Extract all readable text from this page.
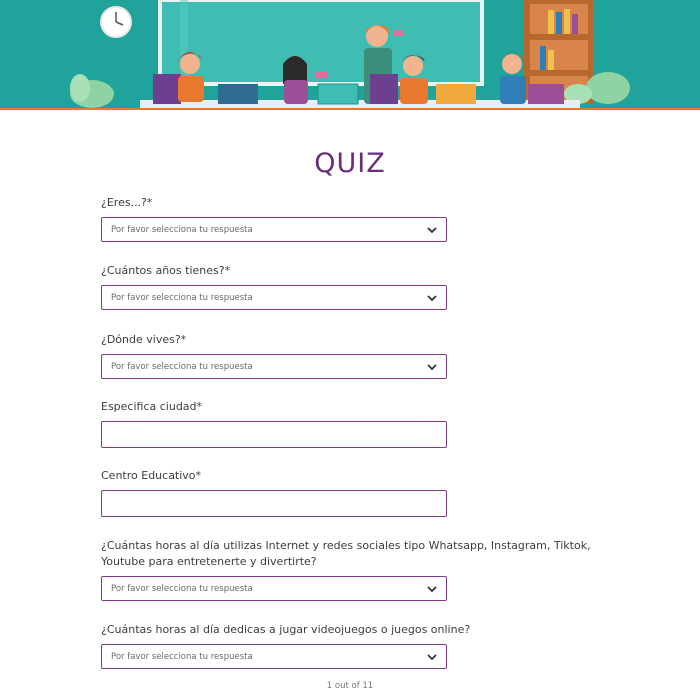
QUIZ
¿Eres...?*
Por favor selecciona tu respuesta
¿Cuántos años tienes?*
Por favor selecciona tu respuesta
¿Dónde vives?*
Por favor selecciona tu respuesta
Especifica ciudad*
Centro Educativo*
¿Cuántas horas al día utilizas Internet y redes sociales tipo Whatsapp, Instagram, Tiktok,
Youtube para entretenerte y divertirte?
Por favor selecciona tu respuesta
¿Cuántas horas al día dedicas a jugar videojuegos o juegos online?
Por favor selecciona tu respuesta
1 out of 11
